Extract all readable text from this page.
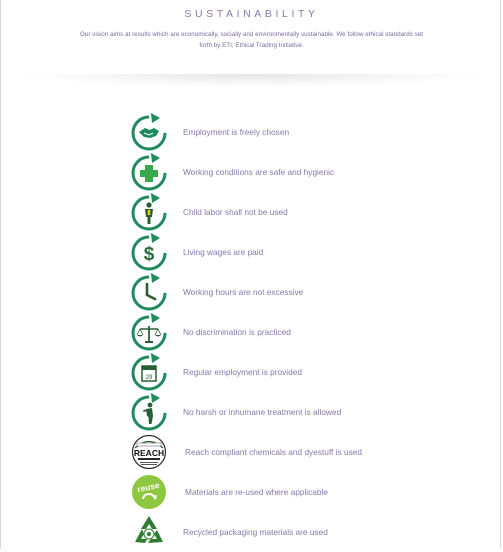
SUSTAINABILITY
Our vision aims at results which are economically, socially and environmentally sustainable. We follow ethical standards set
forth by ETI, Ethical Trading Initiative.
Employment is freely chosen
Working conditions are safe and hygienic
Child labor shall not be used
$	Living wages are paid
Working hours are not excessive
No discrimination is practiced
29
Regular employment is provided
No harsh or inhumane treatment is allowed
REACH	Reach compliant chemicals and dyestuff is used
reuse	Materials are re-used where applicable
Recycled packaging materials are used
